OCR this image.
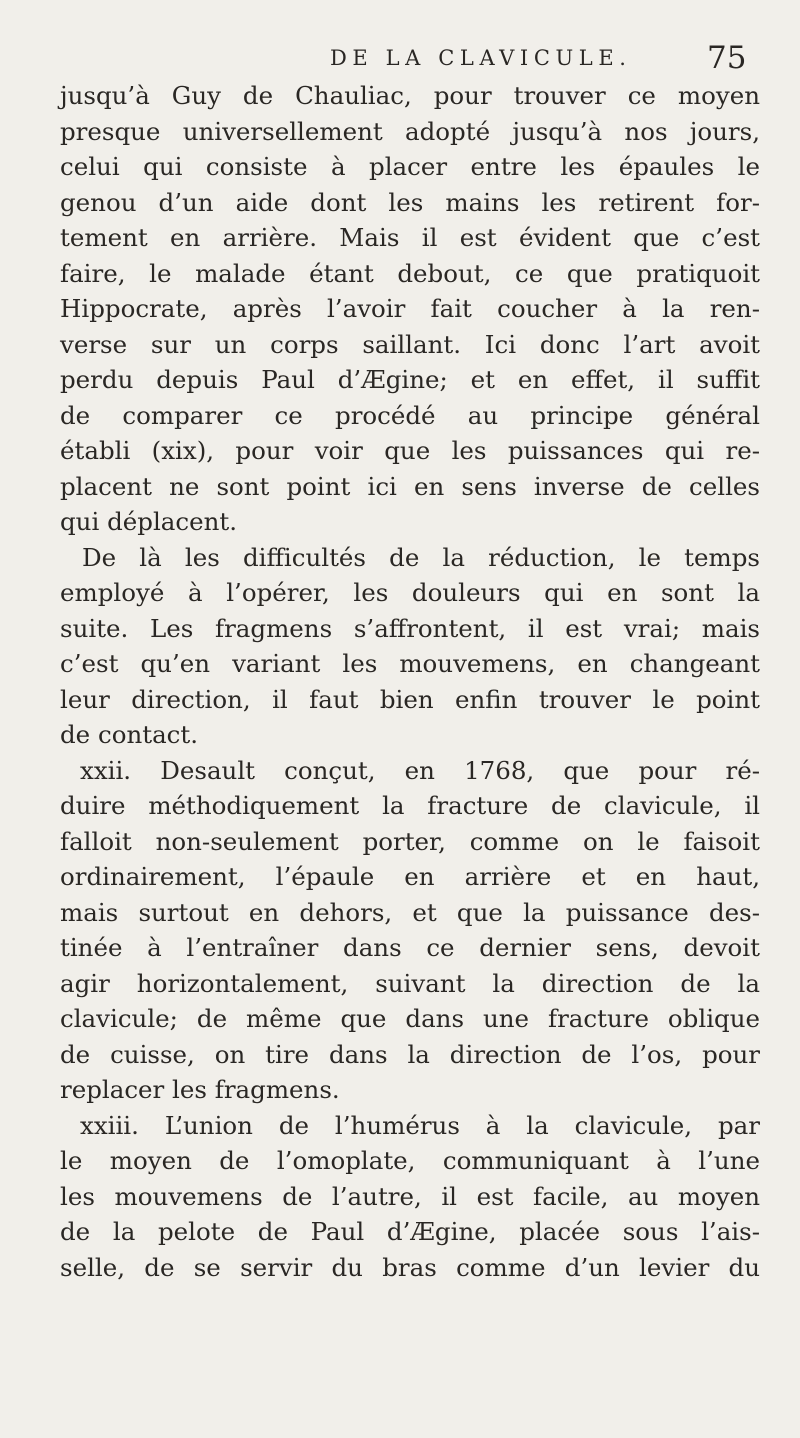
DE LA CLAVICULE. 75
jusqu’à Guy de Chauliac, pour trouver ce moyen
presque universellement adopté jusqu’à nos jours,
celui qui consiste à placer entre les épaules le
genou d’un aide dont les mains les retirent for-
tement en arrière. Mais il est évident que c’est
faire, le malade étant debout, ce que pratiquoit
Hippocrate, après l’avoir fait coucher à la ren-
verse sur un corps saillant. Ici donc l’art avoit
perdu depuis Paul d’Ægine; et en effet, il suffit
de comparer ce procédé au principe général
établi (xix), pour voir que les puissances qui re-
placent ne sont point ici en sens inverse de celles
qui déplacent.
De là les difficultés de la réduction, le temps
employé à l’opérer, les douleurs qui en sont la
suite. Les fragmens s’affrontent, il est vrai; mais
c’est qu’en variant les mouvemens, en changeant
leur direction, il faut bien enfin trouver le point
de contact.
xxii. Desault conçut, en 1768, que pour ré-
duire méthodiquement la fracture de clavicule, il
falloit non-seulement porter, comme on le faisoit
ordinairement, l’épaule en arrière et en haut,
mais surtout en dehors, et que la puissance des-
tinée à l’entraîner dans ce dernier sens, devoit
agir horizontalement, suivant la direction de la
clavicule; de même que dans une fracture oblique
de cuisse, on tire dans la direction de l’os, pour
replacer les fragmens.
xxiii. L’union de l’humérus à la clavicule, par
le moyen de l’omoplate, communiquant à l’une
les mouvemens de l’autre, il est facile, au moyen
de la pelote de Paul d’Ægine, placée sous l’ais-
selle, de se servir du bras comme d’un levier du
